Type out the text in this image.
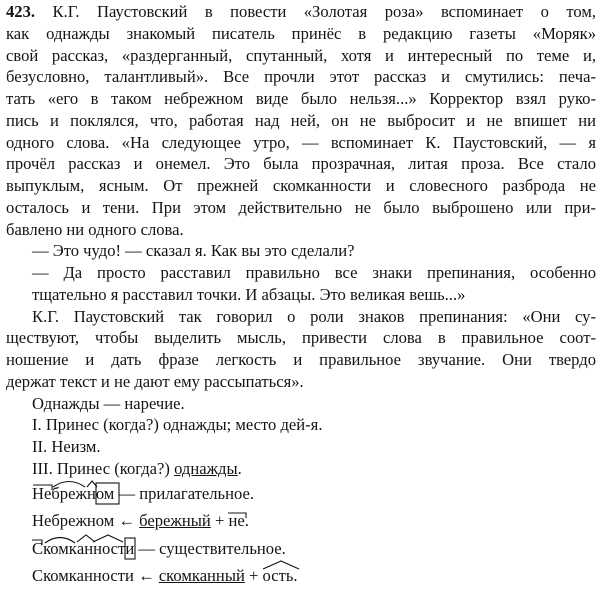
423. К.Г. Паустовский в повести «Золотая роза» вспоминает о том,
как однажды знакомый писатель принёс в редакцию газеты «Моряк»
свой рассказ, «раздерганный, спутанный, хотя и интересный по теме и,
безусловно, талантливый». Все прочли этот рассказ и смутились: печа-
тать «его в таком небрежном виде было нельзя...» Корректор взял руко-
пись и поклялся, что, работая над ней, он не выбросит и не впишет ни
одного слова. «На следующее утро, — вспоминает К. Паустовский, — я
прочёл рассказ и онемел. Это была прозрачная, литая проза. Все стало
выпуклым, ясным. От прежней скомканности и словесного разброда не
осталось и тени. При этом действительно не было выброшено или при-
бавлено ни одного слова.
— Это чудо! — сказал я. Как вы это сделали?
— Да просто расставил правильно все знаки препинания, особенно
тщательно я расставил точки. И абзацы. Это великая вешь...»
К.Г. Паустовский так говорил о роли знаков препинания: «Они су-
ществуют, чтобы выделить мысль, привести слова в правильное соот-
ношение и дать фразе легкость и правильное звучание. Они твердо
держат текст и не дают ему рассыпаться».
Однажды — наречие.
I. Принес (когда?) однажды; место дей-я.
II. Неизм.
III. Принес (когда?) однажды.
Не
бреж
н
ом
— прилагательное.
Небрежном ← бережный + не
.
С
комк
ан
ност
и
— существительное.
Скомканности ← скомканный + ость
.
